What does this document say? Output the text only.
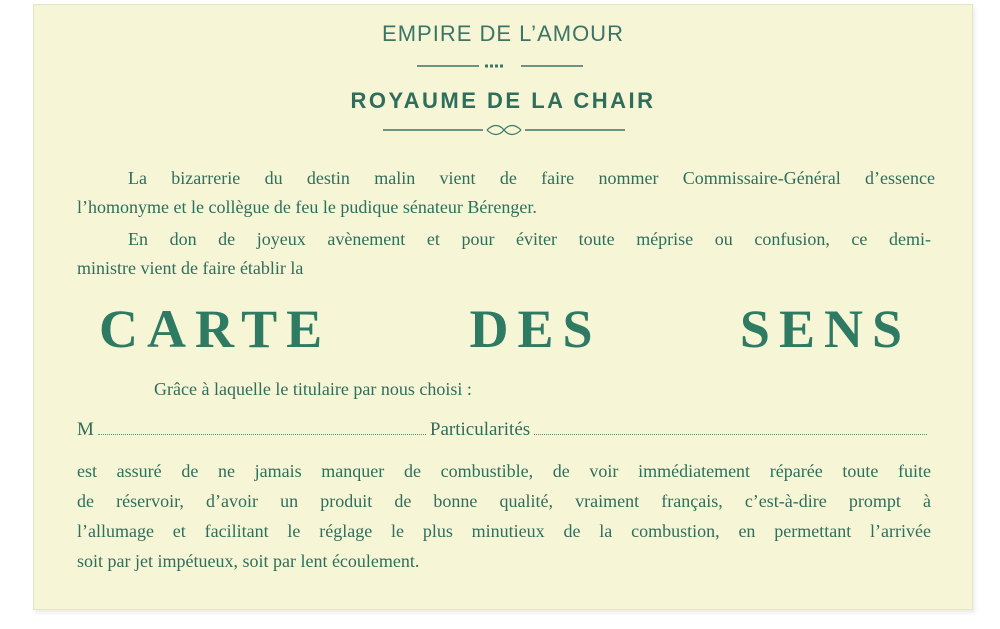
EMPIRE DE L’AMOUR
ROYAUME DE LA CHAIR
La bizarrerie du destin malin vient de faire nommer Commissaire-Général d’essence
l’homonyme et le collègue de feu le pudique sénateur Bérenger.
En don de joyeux avènement et pour éviter toute méprise ou confusion, ce demi-
ministre vient de faire établir la
CARTE DES SENS
Grâce à laquelle le titulaire par nous choisi :
M	Particularités
est assuré de ne jamais manquer de combustible, de voir immédiatement réparée toute fuite
de réservoir, d’avoir un produit de bonne qualité, vraiment français, c’est-à-dire prompt à
l’allumage et facilitant le réglage le plus minutieux de la combustion, en permettant l’arrivée
soit par jet impétueux, soit par lent écoulement.
